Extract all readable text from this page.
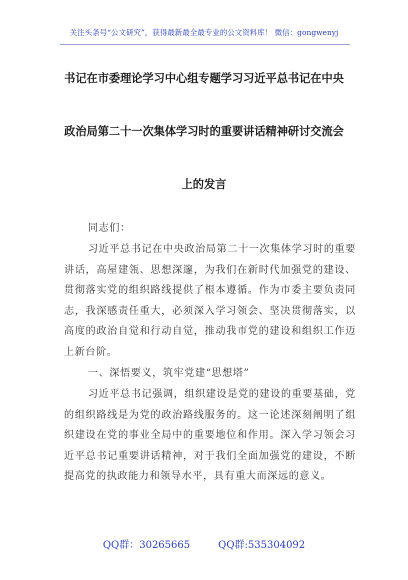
关注头条号“公文研究”，获得最新最全最专业的公文资料库！ 微信：gongwenyj
书记在市委理论学习中心组专题学习习近平总书记在中央
政治局第二十一次集体学习时的重要讲话精神研讨交流会
上的发言
同志们：
习近平总书记在中央政治局第二十一次集体学习时的重要讲话，高屋建瓴、思想深邃，为我们在新时代加强党的建设、贯彻落实党的组织路线提供了根本遵循。作为市委主要负责同志，我深感责任重大，必须深入学习领会、坚决贯彻落实，以高度的政治自觉和行动自觉，推动我市党的建设和组织工作迈上新台阶。
一、深悟要义，筑牢党建“思想塔”
习近平总书记强调，组织建设是党的建设的重要基础，党的组织路线是为党的政治路线服务的。这一论述深刻阐明了组织建设在党的事业全局中的重要地位和作用。深入学习领会习近平总书记重要讲话精神，对于我们全面加强党的建设，不断提高党的执政能力和领导水平，具有重大而深远的意义。
QQ群：30265665	QQ群:535304092
